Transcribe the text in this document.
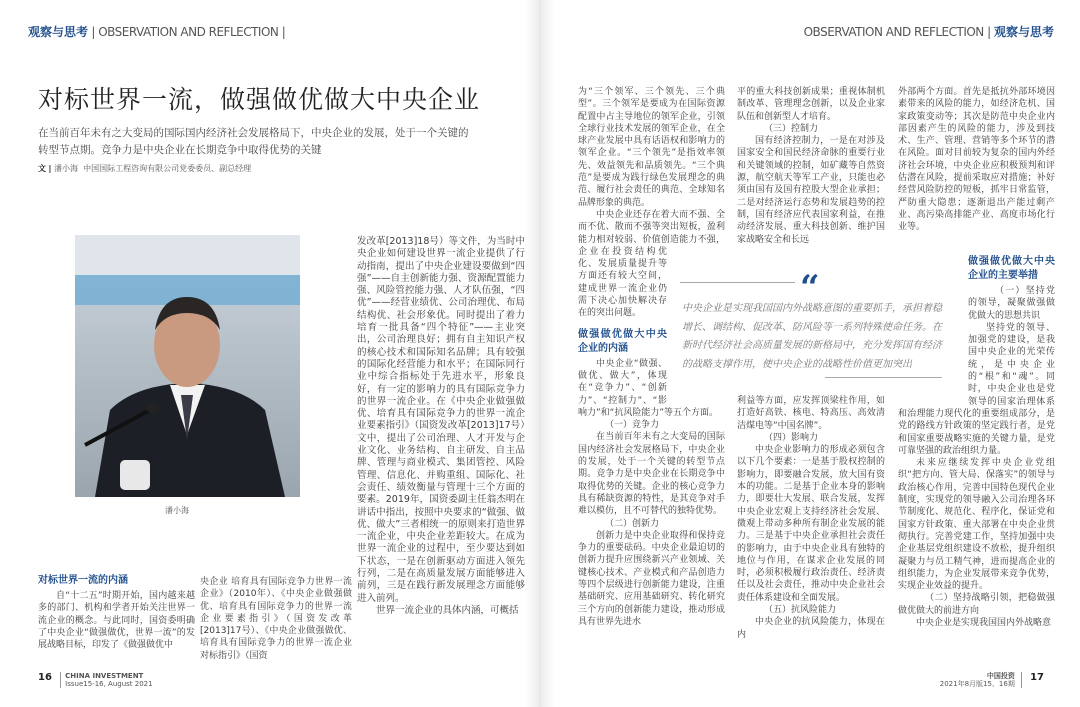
观察与思考 | OBSERVATION AND REFLECTION |	OBSERVATION AND REFLECTION | 观察与思考
对标世界一流，做强做优做大中央企业
在当前百年未有之大变局的国际国内经济社会发展格局下，中央企业的发展，处于一个关键的转型节点期。竞争力是中央企业在长期竞争中取得优势的关键
文 | 潘小海 中国国际工程咨询有限公司党委委员、副总经理
潘小海
对标世界一流的内涵

自“十二五”时期开始，国内越来越多的部门、机构和学者开始关注世界一流企业的概念。与此同时，国资委明确了中央企业“做强做优，世界一流”的发展战略目标，印发了《做强做优中

央企业 培育具有国际竞争力世界一流企业》（2010年）、《中央企业做强做优、培育具有国际竞争力的世界一流企业要素指引》（国资发改革[2013]17号）、《中央企业做强做优、培育具有国际竞争力的世界一流企业对标指引》（国资

发改革[2013]18号）等文件，为当时中央企业如何建设世界一流企业提供了行动指南，提出了中央企业建设要做到“四强”——自主创新能力强、资源配置能力强、风险管控能力强、人才队伍强，“四优”——经营业绩优、公司治理优、布局结构优、社会形象优。同时提出了着力培育一批具备“四个特征”——主业突出，公司治理良好；拥有自主知识产权的核心技术和国际知名品牌；具有较强的国际化经营能力和水平；在国际同行业中综合指标处于先进水平，形象良好，有一定的影响力的具有国际竞争力的世界一流企业。在《中央企业做强做优、培育具有国际竞争力的世界一流企业要素指引》（国资发改革[2013]17号）文中，提出了公司治理、人才开发与企业文化、业务结构、自主研发、自主品牌、管理与商业模式、集团管控、风险管理、信息化、并购重组、国际化、社会责任、绩效衡量与管理十三个方面的要素。2019年，国资委副主任翁杰明在讲话中指出，按照中央要求的“做强、做优、做大”三者相统一的原则来打造世界一流企业，中央企业差距较大。在成为世界一流企业的过程中，至少要达到如下状态，一是在创新驱动方面进入领先行列，二是在高质量发展方面能够进入前列，三是在践行新发展理念方面能够进入前列。

世界一流企业的具体内涵，可概括

为“三个领军、三个领先、三个典型”。三个领军是要成为在国际资源配置中占主导地位的领军企业，引领全球行业技术发展的领军企业，在全球产业发展中具有话语权和影响力的领军企业。“三个领先”是指效率领先、效益领先和品质领先。“三个典范”是要成为践行绿色发展理念的典范、履行社会责任的典范、全球知名品牌形象的典范。

中央企业还存在着大而不强、全而不优、散而不强等突出短板，盈利能力相对较弱、价值创造能力不强，企业在投资结构优化、发展质量提升等方面还有较大空间，建成世界一流企业仍需下决心加快解决存在的突出问题。

做强做优做大中央企业的内涵

中央企业“做强、做优、做大”，体现在“竞争力”、“创新力”、“控制力”、“影响力”和“抗风险能力”等五个方面。

（一）竞争力

在当前百年未有之大变局的国际国内经济社会发展格局下，中央企业的发展，处于一个关键的转型节点期。竞争力是中央企业在长期竞争中取得优势的关键。企业的核心竞争力具有稀缺资源的特性，是其竞争对手难以模仿，且不可替代的独特优势。

（二）创新力

创新力是中央企业取得和保持竞争力的重要砝码。中央企业最迫切的创新力提升应围绕新兴产业领域、关键核心技术、产业模式和产品创造力等四个层级进行创新能力建设，注重基础研究、应用基础研究、转化研究三个方向的创新能力建设，推动形成具有世界先进水

平的重大科技创新成果；重视体制机制改革、管理理念创新，以及企业家队伍和创新型人才培育。

（三）控制力

国有经济控制力，一是在对涉及国家安全和国民经济命脉的重要行业和关键领域的控制，如矿藏等自然资源，航空航天等军工产业，只能也必须由国有及国有控股大型企业承担；二是对经济运行态势和发展趋势的控制，国有经济应代表国家利益，在推动经济发展、重大科技创新、维护国家战略安全和长远

利益等方面，应发挥顶梁柱作用，如打造好高铁、核电、特高压、高效清洁煤电等“中国名牌”。

（四）影响力

中央企业影响力的形成必须包含以下几个要素：一是基于股权控制的影响力，即要融合发展，放大国有资本的功能。二是基于企业本身的影响力，即要壮大发展、联合发展，发挥中央企业宏观上支持经济社会发展、微观上带动多种所有制企业发展的能力。三是基于中央企业承担社会责任的影响力，由于中央企业具有独特的地位与作用，在谋求企业发展的同时，必须积极履行政治责任、经济责任以及社会责任，推动中央企业社会责任体系建设和全面发展。

（五）抗风险能力

中央企业的抗风险能力，体现在内

外部两个方面。首先是抵抗外部环境因素带来的风险的能力，如经济危机、国家政策变动等；其次是防范中央企业内部因素产生的风险的能力，涉及到技术、生产、管理、营销等多个环节的潜在风险。面对目前较为复杂的国内外经济社会环境，中央企业应积极预判和评估潜在风险，提前采取应对措施；补好经营风险防控的短板，抓牢日常监管，严防重大隐患；逐渐退出产能过剩产业、高污染高排能产业、高度市场化行业等。

做强做优做大中央企业的主要举措

（一）坚持党的领导，凝聚做强做优做大的思想共识

坚持党的领导、加强党的建设，是我国中央企业的光荣传统，是中央企业的“根”和“魂”。同时，中央企业也是党领导的国家治理体系和治理能力现代化的重要组成部分，是党的路线方针政策的坚定践行者，是党和国家重要战略实施的关键力量，是党可靠坚强的政治组织力量。

未来应继续发挥中央企业党组织“把方向、管大局、保落实”的领导与政治核心作用，完善中国特色现代企业制度，实现党的领导融入公司治理各环节制度化、规范化、程序化，保证党和国家方针政策、重大部署在中央企业贯彻执行。完善党建工作，坚持加强中央企业基层党组织建设不放松，提升组织凝聚力与员工精气神，进而提高企业的组织能力，为企业发展带来竞争优势，实现企业效益的提升。

（二）坚持战略引领，把稳做强做优做大的前进方向

中央企业是实现我国国内外战略意

“
中央企业是实现我国国内外战略意图的重要抓手，承担着稳增长、调结构、促改革、防风险等一系列特殊使命任务。在新时代经济社会高质量发展的新格局中，充分发挥国有经济的战略支撑作用，使中央企业的战略性价值更加突出
16 CHINA INVESTMENT
Issue15-16, August 2021
中国投资
2021年8月版15、16期 17
